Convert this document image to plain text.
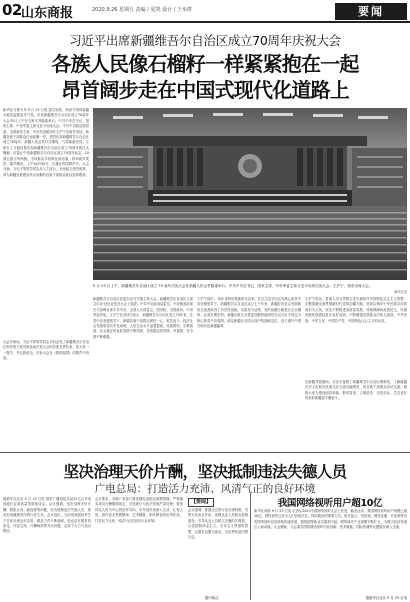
02 山东商报	2020.9.26 星期五 责编 / 夏凯 设计 / 王举群	要闻
习近平出席新疆维吾尔自治区成立70周年庆祝大会
各族人民像石榴籽一样紧紧抱在一起
昂首阔步走在中国式现代化道路上
新华社乌鲁木齐 9 月 25 日电 碧空如洗、秋高气爽的新疆大地洋溢着喜庆气氛。庆祝新疆维吾尔自治区成立70周年大会25日上午在乌鲁木齐隆重举行。中共中央总书记、国家主席、中央军委主席习近平出席大会。中共中央政治局常委、全国政协主席、中央代表团团长王沪宁出席并讲话。新疆各族干部群众代表欢聚一堂，热烈庆祝新疆维吾尔自治区成立70周年。新疆人民会堂灯光璀璨，气氛隆重热烈。主席台上方悬挂着庆祝新疆维吾尔自治区成立70周年的巨大横幅，后幕正中是新疆维吾尔自治区成立70周年标志，10面红旗分列两侧。全场群众手持鲜花和彩旗，现场欢声笑语、歌声嘹亮。上午10时30分，在雄壮的国歌声中，大会开始。习近平等领导同志步入主席台，全场起立热烈鼓掌，向为新疆发展建设作出贡献的各族干部群众致以崇高敬意。
9 月 25 日上午，新疆维吾尔自治区成立 70 周年庆祝大会在新疆人民会堂隆重举行。中共中央总书记、国家主席、中央军委主席习近平出席庆祝大会。王沪宁、蔡奇出席大会。
新华社发
新疆维吾尔自治区党委书记马兴瑞主持大会。新疆维吾尔自治区主席艾尔肯·吐尼亚孜在大会上致辞。中共中央政治局委员、中央统战部部长石泰峰宣读中共中央、全国人大常委会、国务院、全国政协、中央军委贺电。王沪宁在讲话中表示，新疆维吾尔自治区成立70年来，在党中央坚强领导下，新疆各族干部群众团结一心、艰苦奋斗，经济社会发展取得历史性成就，人民生活水平显著提高，民族团结、宗教和谐、社会稳定的良好局面不断巩固，各族群众获得感、幸福感、安全感不断增强。
王沪宁指出，70年来特别是新时代以来，在以习近平同志为核心的党中央坚强领导下，新疆维吾尔自治区成立七十年来，新疆经济社会发展和民生改善取得了历史性成就。实践充分证明，党的治疆方略是完全正确的，必须长期坚持。新疆各族儿女要更加紧密地团结在以习近平同志为核心的党中央周围，锚定新疆在全国大局中的战略定位，奋力谱写中国式现代化新疆篇章。
大会开始前，习近平等领导同志亲切会见了新疆维吾尔自治区领导班子成员和参加庆祝大会的各族各界代表，同大家一一握手，并合影留念。庆祝大会在《歌唱祖国》的歌声中结束。
王沪宁指出，要深入学习贯彻习近平新时代中国特色社会主义思想，完整准确全面贯彻新时代党的治疆方略，坚持以铸牢中华民族共同体意识为主线，坚定不移推进高质量发展，持续保障和改善民生，巩固发展民族团结进步良好局面，不断增强各族群众对伟大祖国、中华民族、中华文化、中国共产党、中国特色社会主义的认同。
在新疆考察期间，习近平视察了新疆维吾尔自治区博物馆，了解新疆历史文化和各民族交往交流交融情况，同各族干部群众亲切交流，勉励大家为建设团结和谐、繁荣富裕、文明进步、安居乐业、生态良好的美好新疆而不懈奋斗。
坚决治理天价片酬，坚决抵制违法失德人员
广电总局：打造活力充沛、风清气正的良好环境
据新华社北京 9 月 25 日电 国家广播电视总局25日召开电视剧行业高质量发展座谈会。会议强调，坚决治理天价片酬、阴阳合同、偷逃税等问题，坚决抵制违法失德人员，推动形成健康有序的行业生态。会议指出，当前电视剧创作生产总体呈现良好态势，精品力作不断涌现，但也存在题材同质化、内容空洞、片酬畸高等突出问题，必须下大力气加以整治。
会议要求，各级广电部门要加强电视剧全流程管理，严格落实演员片酬限制规定，对违规行为依法依规严肃处理；要坚持以人民为中心的创作导向，引导创作者深入生活、扎根人民，创作更多思想精深、艺术精湛、制作精良的优秀作品，打造活力充沛、风清气正的良好行业环境。
【要闻】
会议强调，要健全完善行业自律机制，发挥行业协会作用，加强从业人员职业道德建设，引导从业人员树立正确的名利观，自觉抵制拜金主义、享乐主义等错误思想，以德艺双馨为追求，以优秀作品回馈社会。
我国网络视听用户超10亿
新华社成都 9 月 25 日电 记者从2025中国网络视听大会上获悉，截至目前，我国网络视听用户规模已超10亿，网络视听已成为人们获取信息、休闲娱乐的重要方式。报告显示，短视频、网络直播、长视频等各类网络视听应用持续快速发展，微短剧等新业态蓬勃兴起，网络视听产业规模不断扩大，为数字经济发展注入新动能。大会期间，与会嘉宾围绕网络视听内容创新、技术赋能、国际传播等议题展开深入交流。
据中新社	据新华社北京 9 月 25 日电
